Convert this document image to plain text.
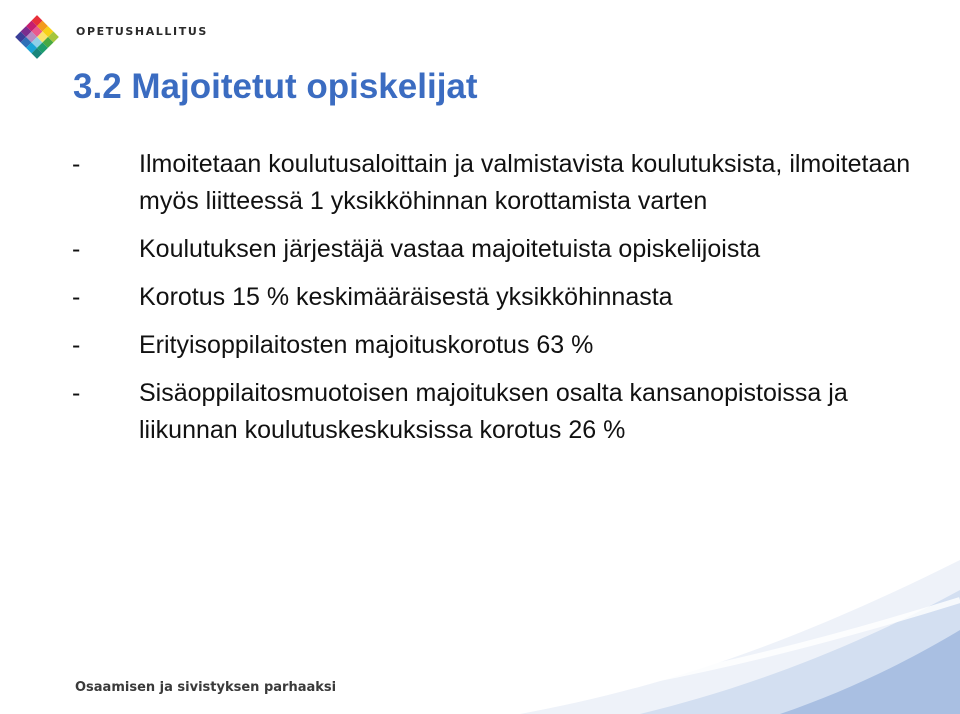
OPETUSHALLITUS
3.2 Majoitetut opiskelijat
- Ilmoitetaan koulutusaloittain ja valmistavista koulutuksista, ilmoitetaan myös liitteessä 1 yksikköhinnan korottamista varten
- Koulutuksen järjestäjä vastaa majoitetuista opiskelijoista
- Korotus 15 % keskimääräisestä yksikköhinnasta
- Erityisoppilaitosten majoituskorotus 63 %
- Sisäoppilaitosmuotoisen majoituksen osalta kansanopistoissa ja liikunnan koulutuskeskuksissa korotus 26 %
Osaamisen ja sivistyksen parhaaksi
